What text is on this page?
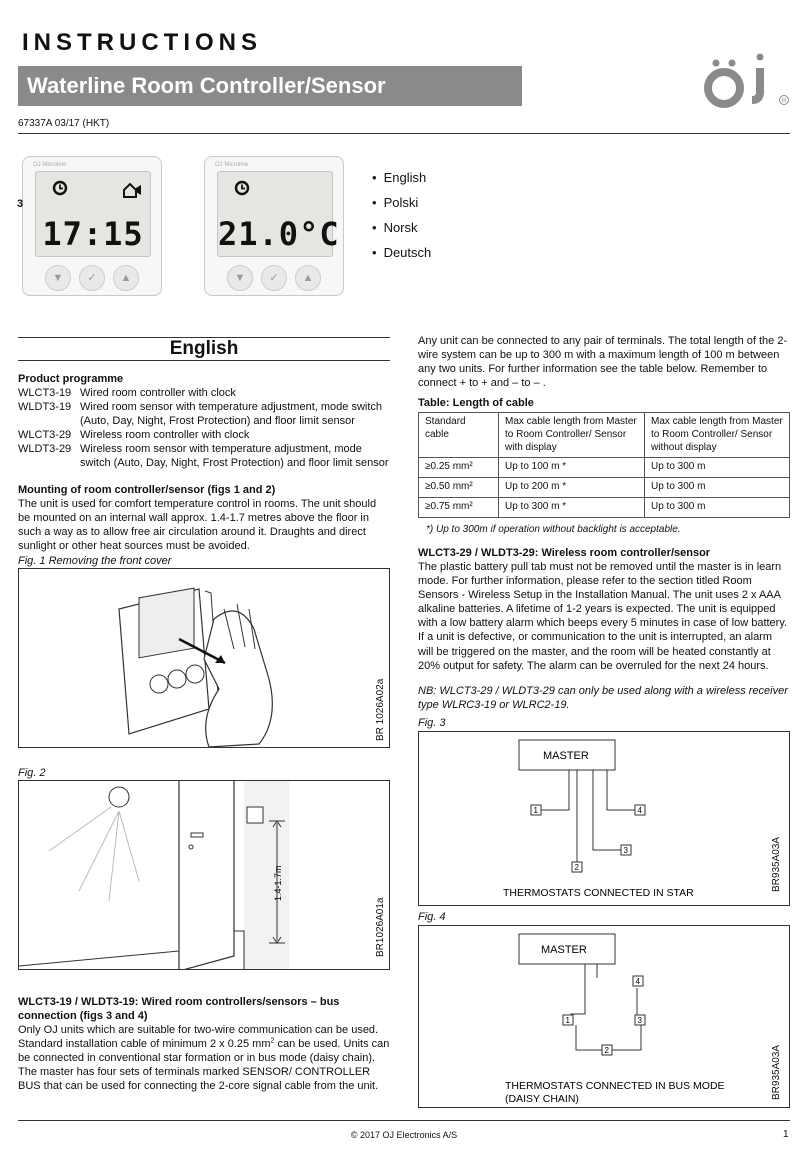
INSTRUCTIONS
Waterline Room Controller/Sensor
67337A 03/17 (HKT)
OJ
R
OJ Microline
17:15
3
▼	✓	▲
OJ Microline
21.0°C
▼	✓	▲
• English
• Polski
• Norsk
• Deutsch
English
Product programme
WLCT3-19 Wired room controller with clock
WLDT3-19 Wired room sensor with temperature adjustment, mode switch (Auto, Day, Night, Frost Protection) and floor limit sensor
WLCT3-29 Wireless room controller with clock
WLDT3-29 Wireless room sensor with temperature adjustment, mode switch (Auto, Day, Night, Frost Protection) and floor limit sensor
Mounting of room controller/sensor (figs 1 and 2)
The unit is used for comfort temperature control in rooms. The unit should be mounted on an internal wall approx. 1.4-1.7 metres above the floor in such a way as to allow free air circulation around it. Draughts and direct sunlight or other heat sources must be avoided.
Fig. 1 Removing the front cover
BR 1026A02a
Fig. 2
1.4-1.7m
BR1026A01a
WLCT3-19 / WLDT3-19: Wired room controllers/sensors – bus connection (figs 3 and 4)
Only OJ units which are suitable for two-wire communication can be used. Standard installation cable of minimum 2 x 0.25 $mm^2$ can be used. Units can be connected in conventional star formation or in bus mode (daisy chain). The master has four sets of terminals marked SENSOR/ CONTROLLER BUS that can be used for connecting the 2-core signal cable from the unit.
Any unit can be connected to any pair of terminals. The total length of the 2-wire system can be up to 300 m with a maximum length of 100 m between any two units. For further information see the table below. Remember to connect + to + and – to – .
Table: Length of cable
Standard cable	Max cable length from Master to Room Controller/ Sensor with display	Max cable length from Master to Room Controller/ Sensor without display
≥0.25 mm²	Up to 100 m *	Up to 300 m
≥0.50 mm²	Up to 200 m *	Up to 300 m
≥0.75 mm²	Up to 300 m *	Up to 300 m
*) Up to 300m if operation without backlight is acceptable.
WLCT3-29 / WLDT3-29: Wireless room controller/sensor
The plastic battery pull tab must not be removed until the master is in learn mode. For further information, please refer to the section titled Room Sensors - Wireless Setup in the Installation Manual. The unit uses 2 x AAA alkaline batteries. A lifetime of 1-2 years is expected. The unit is equipped with a low battery alarm which beeps every 5 minutes in case of low battery. If a unit is defective, or communication to the unit is interrupted, an alarm will be triggered on the master, and the room will be heated constantly at 20% output for safety. The alarm can be overruled for the next 24 hours.
NB: WLCT3-29 / WLDT3-29 can only be used along with a wireless receiver type WLRC3-19 or WLRC2-19.
Fig. 3
MASTER
1
2
3
4
THERMOSTATS CONNECTED IN STAR
BR935A03A
Fig. 4
MASTER
1
2
3
4
THERMOSTATS CONNECTED IN BUS MODE
(DAISY CHAIN)	BR935A03A
© 2017 OJ Electronics A/S	1
